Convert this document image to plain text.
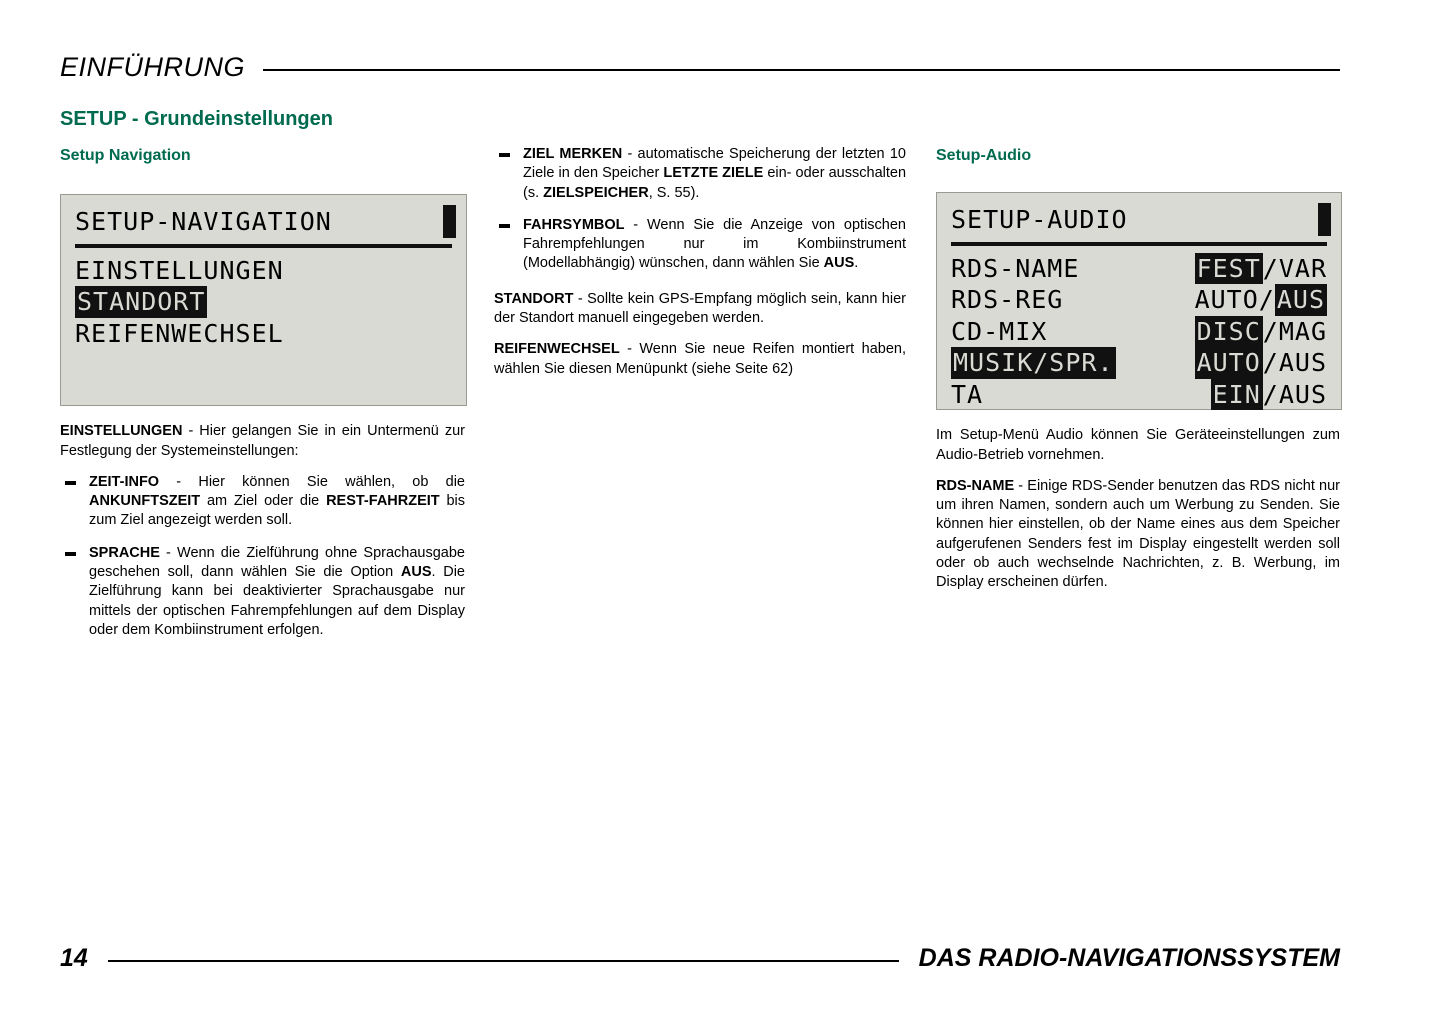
EINFÜHRUNG
SETUP - Grundeinstellungen
Setup Navigation
SETUP-NAVIGATION
EINSTELLUNGEN
STANDORT
REIFENWECHSEL

EINSTELLUNGEN - Hier gelangen Sie in ein Untermenü zur Festlegung der Systemeinstellungen:

ZEIT-INFO - Hier können Sie wählen, ob die ANKUNFTSZEIT am Ziel oder die REST-FAHRZEIT bis zum Ziel angezeigt werden soll.
SPRACHE - Wenn die Zielführung ohne Sprachausgabe geschehen soll, dann wählen Sie die Option AUS. Die Zielführung kann bei deaktivierter Sprachausgabe nur mittels der optischen Fahrempfehlungen auf dem Display oder dem Kombiinstrument erfolgen.
ZIEL MERKEN - automatische Speicherung der letzten 10 Ziele in den Speicher LETZTE ZIELE ein- oder ausschalten (s. ZIELSPEICHER, S. 55).
FAHRSYMBOL - Wenn Sie die Anzeige von optischen Fahrempfehlungen nur im Kombiinstrument (Modellabhängig) wünschen, dann wählen Sie AUS.

STANDORT - Sollte kein GPS-Empfang möglich sein, kann hier der Standort manuell eingegeben werden.

REIFENWECHSEL - Wenn Sie neue Reifen montiert haben, wählen Sie diesen Menüpunkt (siehe Seite 62)

Setup-Audio
SETUP-AUDIO
RDS-NAME	FEST/VAR
RDS-REG	AUTO/AUS
CD-MIX	DISC/MAG
MUSIK/SPR.	AUTO/AUS
TA	EIN/AUS

Im Setup-Menü Audio können Sie Geräteeinstellungen zum Audio-Betrieb vornehmen.

RDS-NAME - Einige RDS-Sender benutzen das RDS nicht nur um ihren Namen, sondern auch um Werbung zu Senden. Sie können hier einstellen, ob der Name eines aus dem Speicher aufgerufenen Senders fest im Display eingestellt werden soll oder ob auch wechselnde Nachrichten, z. B. Werbung, im Display erscheinen dürfen.

14	DAS RADIO-NAVIGATIONSSYSTEM
